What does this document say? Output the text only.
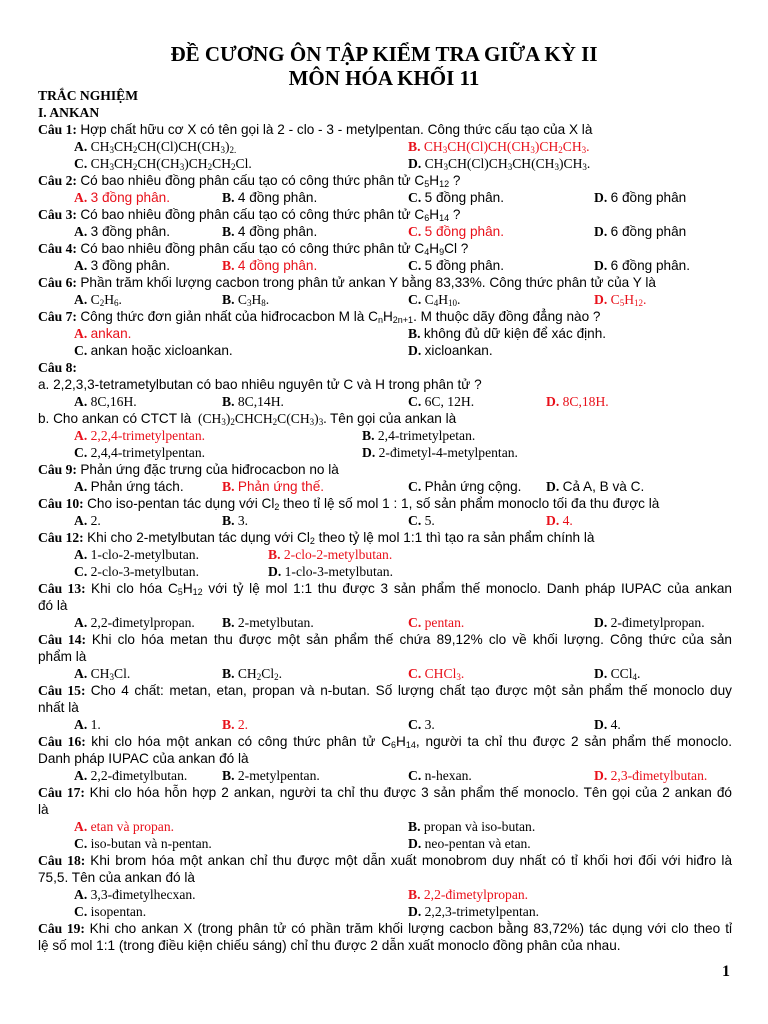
ĐỀ CƯƠNG ÔN TẬP KIỂM TRA GIỮA KỲ II
MÔN HÓA KHỐI 11
TRẮC NGHIỆM
I. ANKAN
Câu 1: Hợp chất hữu cơ X có tên gọi là 2 - clo - 3 - metylpentan. Công thức cấu tạo của X là
A. $CH_3CH_2CH(Cl)CH(CH_3)_{2.}$	B. $CH_3CH(Cl)CH(CH_3)CH_2CH_3$.
C. $CH_3CH_2CH(CH_3)CH_2CH_2Cl$.	D. $CH_3CH(Cl)CH_3CH(CH_3)CH_3$.
Câu 2: Có bao nhiêu đồng phân cấu tạo có công thức phân tử $C_5H_{12}$ ?
A. 3 đồng phân.	B. 4 đồng phân.	C. 5 đồng phân.	D. 6 đồng phân
Câu 3: Có bao nhiêu đồng phân cấu tạo có công thức phân tử $C_6H_{14}$ ?
A. 3 đồng phân.	B. 4 đồng phân.	C. 5 đồng phân.	D. 6 đồng phân
Câu 4: Có bao nhiêu đồng phân cấu tạo có công thức phân tử $C_4H_9Cl$ ?
A. 3 đồng phân.	B. 4 đồng phân.	C. 5 đồng phân.	D. 6 đồng phân.
Câu 6: Phần trăm khối lượng cacbon trong phân tử ankan Y bằng 83,33%. Công thức phân tử của Y là
A. $C_2H_6$.	B. $C_3H_8$.	C. $C_4H_{10}$.	D. $C_5H_{12}$.
Câu 7: Công thức đơn giản nhất của hiđrocacbon M là $C_nH_{2n+1}$. M thuộc dãy đồng đẳng nào ?
A. ankan.	B. không đủ dữ kiện để xác định.
C. ankan hoặc xicloankan.	D. xicloankan.
Câu 8:
a. 2,2,3,3-tetrametylbutan có bao nhiêu nguyên tử C và H trong phân tử ?
A. 8C,16H.	B. 8C,14H.	C. 6C, 12H.	D. 8C,18H.
b. Cho ankan có CTCT là  $(CH_3)_2CHCH_2C(CH_3)_3$. Tên gọi của ankan là
A. 2,2,4-trimetylpentan.	B. 2,4-trimetylpetan.
C. 2,4,4-trimetylpentan.	D. 2-đimetyl-4-metylpentan.
Câu 9: Phản ứng đặc trưng của hiđrocacbon no là
A. Phản ứng tách.	B. Phản ứng thế.	C. Phản ứng cộng. D. Cả A, B và C.
Câu 10: Cho iso-pentan tác dụng với $Cl_2$ theo tỉ lệ số mol 1 : 1, số sản phẩm monoclo tối đa thu được là
A. 2.	B. 3.	C. 5.	D. 4.
Câu 12: Khi cho 2-metylbutan tác dụng với $Cl_2$ theo tỷ lệ mol 1:1 thì tạo ra sản phẩm chính là
A. 1-clo-2-metylbutan.	B. 2-clo-2-metylbutan.
C. 2-clo-3-metylbutan.	D. 1-clo-3-metylbutan.
Câu 13: Khi clo hóa $C_5H_{12}$ với tỷ lệ mol 1:1 thu được 3 sản phẩm thế monoclo. Danh pháp IUPAC của ankan
đó là
A. 2,2-đimetylpropan. B. 2-metylbutan.	C. pentan.	D. 2-đimetylpropan.
Câu 14: Khi clo hóa metan thu được một sản phẩm thế chứa 89,12% clo về khối lượng. Công thức của sản
phẩm là
A. $CH_3Cl$.	B. $CH_2Cl_2$.	C. CHCl$_3$.	D. CCl$_4$.
Câu 15: Cho 4 chất: metan, etan, propan và n-butan. Số lượng chất tạo được một sản phẩm thế monoclo duy
nhất là
A. 1.	B. 2.	C. 3.	D. 4.
Câu 16: khi clo hóa một ankan có công thức phân tử $C_6H_{14}$, người ta chỉ thu được 2 sản phẩm thế monoclo.
Danh pháp IUPAC của ankan đó là
A. 2,2-đimetylbutan.	B. 2-metylpentan.	C. n-hexan.	D. 2,3-đimetylbutan.
Câu 17: Khi clo hóa hỗn hợp 2 ankan, người ta chỉ thu được 3 sản phẩm thế monoclo. Tên gọi của 2 ankan đó
là
A. etan và propan.	B. propan và iso-butan.
C. iso-butan và n-pentan.	D. neo-pentan và etan.
Câu 18: Khi brom hóa một ankan chỉ thu được một dẫn xuất monobrom duy nhất có tỉ khối hơi đối với hiđro là
75,5. Tên của ankan đó là
A. 3,3-đimetylhecxan.	B. 2,2-đimetylpropan.
C. isopentan.	D. 2,2,3-trimetylpentan.
Câu 19: Khi cho ankan X (trong phân tử có phần trăm khối lượng cacbon bằng 83,72%) tác dụng với clo theo tỉ
lệ số mol 1:1 (trong điều kiện chiếu sáng) chỉ thu được 2 dẫn xuất monoclo đồng phân của nhau.
1
